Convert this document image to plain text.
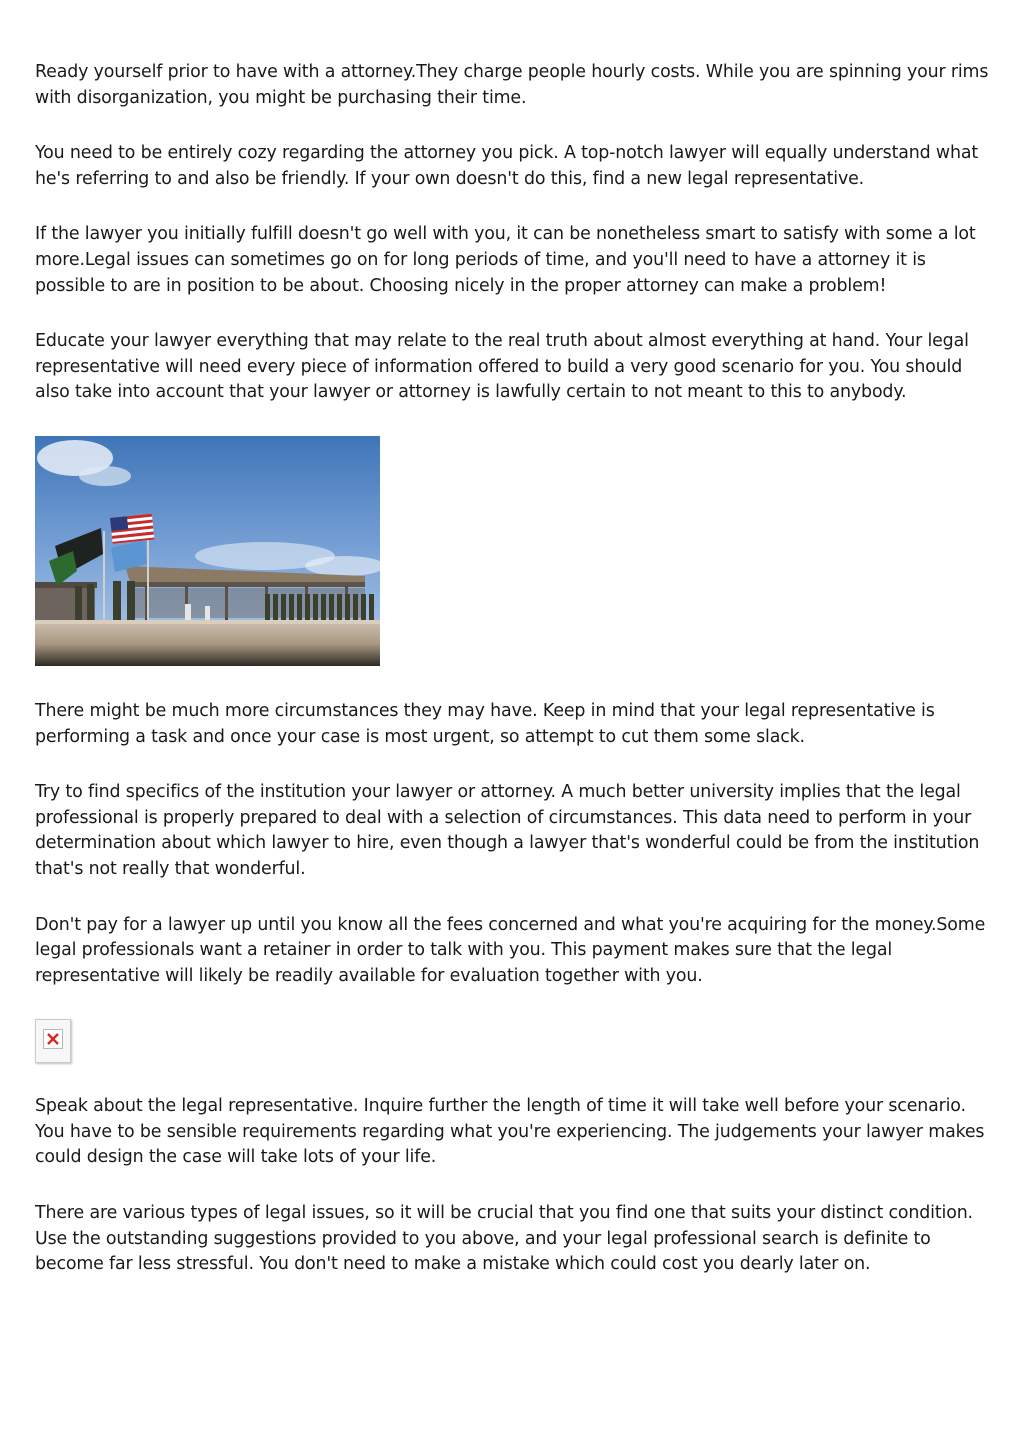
Ready yourself prior to have with a attorney.They charge people hourly costs. While you are spinning your rims with disorganization, you might be purchasing their time.

You need to be entirely cozy regarding the attorney you pick. A top-notch lawyer will equally understand what he's referring to and also be friendly. If your own doesn't do this, find a new legal representative.

If the lawyer you initially fulfill doesn't go well with you, it can be nonetheless smart to satisfy with some a lot more.Legal issues can sometimes go on for long periods of time, and you'll need to have a attorney it is possible to are in position to be about. Choosing nicely in the proper attorney can make a problem!

Educate your lawyer everything that may relate to the real truth about almost everything at hand. Your legal representative will need every piece of information offered to build a very good scenario for you. You should also take into account that your lawyer or attorney is lawfully certain to not meant to this to anybody.

There might be much more circumstances they may have. Keep in mind that your legal representative is performing a task and once your case is most urgent, so attempt to cut them some slack.

Try to find specifics of the institution your lawyer or attorney. A much better university implies that the legal professional is properly prepared to deal with a selection of circumstances. This data need to perform in your determination about which lawyer to hire, even though a lawyer that's wonderful could be from the institution that's not really that wonderful.

Don't pay for a lawyer up until you know all the fees concerned and what you're acquiring for the money.Some legal professionals want a retainer in order to talk with you. This payment makes sure that the legal representative will likely be readily available for evaluation together with you.

Speak about the legal representative. Inquire further the length of time it will take well before your scenario. You have to be sensible requirements regarding what you're experiencing. The judgements your lawyer makes could design the case will take lots of your life.

There are various types of legal issues, so it will be crucial that you find one that suits your distinct condition. Use the outstanding suggestions provided to you above, and your legal professional search is definite to become far less stressful. You don't need to make a mistake which could cost you dearly later on.
